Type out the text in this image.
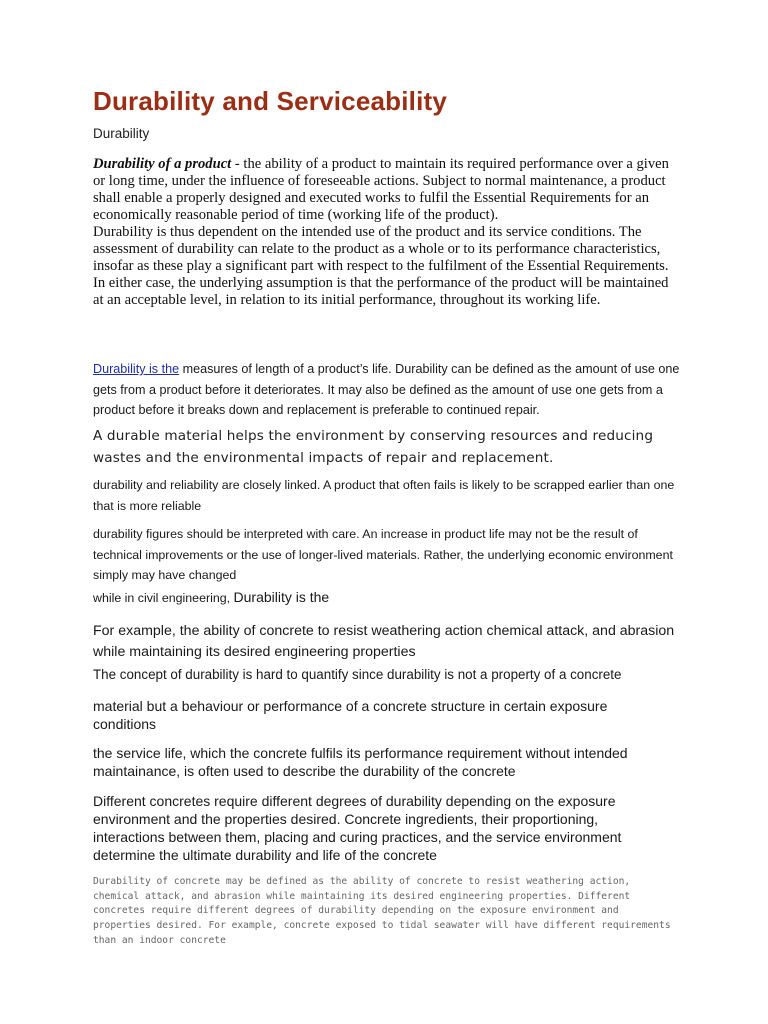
Durability and Serviceability

Durability

Durability of a product - the ability of a product to maintain its required performance over a given or long time, under the influence of foreseeable actions. Subject to normal maintenance, a product shall enable a properly designed and executed works to fulfil the Essential Requirements for an economically reasonable period of time (working life of the product).

Durability is thus dependent on the intended use of the product and its service conditions. The assessment of durability can relate to the product as a whole or to its performance characteristics, insofar as these play a significant part with respect to the fulfilment of the Essential Requirements. In either case, the underlying assumption is that the performance of the product will be maintained at an acceptable level, in relation to its initial performance, throughout its working life.

Durability is the measures of length of a product’s life. Durability can be defined as the amount of use one gets from a product before it deteriorates. It may also be defined as the amount of use one gets from a product before it breaks down and replacement is preferable to continued repair.

A durable material helps the environment by conserving resources and reducing wastes and the environmental impacts of repair and replacement.

durability and reliability are closely linked. A product that often fails is likely to be scrapped earlier than one that is more reliable

durability figures should be interpreted with care. An increase in product life may not be the result of technical improvements or the use of longer-lived materials. Rather, the underlying economic environment simply may have changed

while in civil engineering, Durability is the

For example, the ability of concrete to resist weathering action chemical attack, and abrasion while maintaining its desired engineering properties

The concept of durability is hard to quantify since durability is not a property of a concrete

material but a behaviour or performance of a concrete structure in certain exposure conditions

the service life, which the concrete fulfils its performance requirement without intended maintainance, is often used to describe the durability of the concrete

Different concretes require different degrees of durability depending on the exposure environment and the properties desired. Concrete ingredients, their proportioning, interactions between them, placing and curing practices, and the service environment determine the ultimate durability and life of the concrete

Durability of concrete may be defined as the ability of concrete to resist weathering action, chemical attack, and abrasion while maintaining its desired engineering properties. Different concretes require different degrees of durability depending on the exposure environment and properties desired. For example, concrete exposed to tidal seawater will have different requirements than an indoor concrete
